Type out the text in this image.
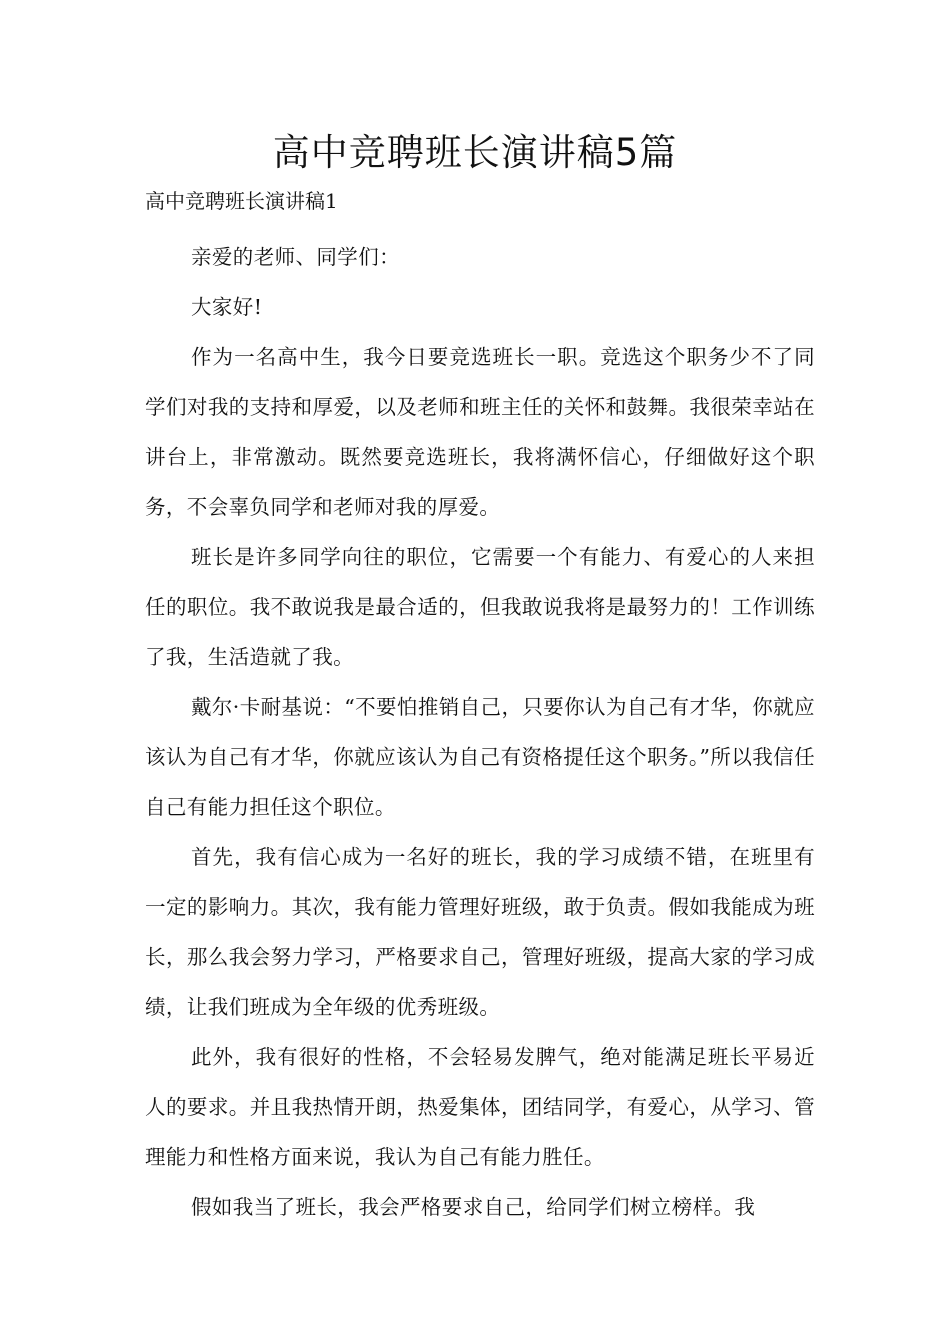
高中竞聘班长演讲稿5篇

高中竞聘班长演讲稿1

亲爱的老师、同学们：

大家好!

作为一名高中生，我今日要竞选班长一职。竞选这个职务少不了同学们对我的支持和厚爱，以及老师和班主任的关怀和鼓舞。我很荣幸站在讲台上，非常激动。既然要竞选班长，我将满怀信心，仔细做好这个职务，不会辜负同学和老师对我的厚爱。

班长是许多同学向往的职位，它需要一个有能力、有爱心的人来担任的职位。我不敢说我是最合适的，但我敢说我将是最努力的！工作训练了我，生活造就了我。

戴尔·卡耐基说：“不要怕推销自己，只要你认为自己有才华，你就应该认为自己有才华，你就应该认为自己有资格提任这个职务。”所以我信任自己有能力担任这个职位。

首先，我有信心成为一名好的班长，我的学习成绩不错，在班里有一定的影响力。其次，我有能力管理好班级，敢于负责。假如我能成为班长，那么我会努力学习，严格要求自己，管理好班级，提高大家的学习成绩，让我们班成为全年级的优秀班级。

此外，我有很好的性格，不会轻易发脾气，绝对能满足班长平易近人的要求。并且我热情开朗，热爱集体，团结同学，有爱心，从学习、管理能力和性格方面来说，我认为自己有能力胜任。

假如我当了班长，我会严格要求自己，给同学们树立榜样。我
